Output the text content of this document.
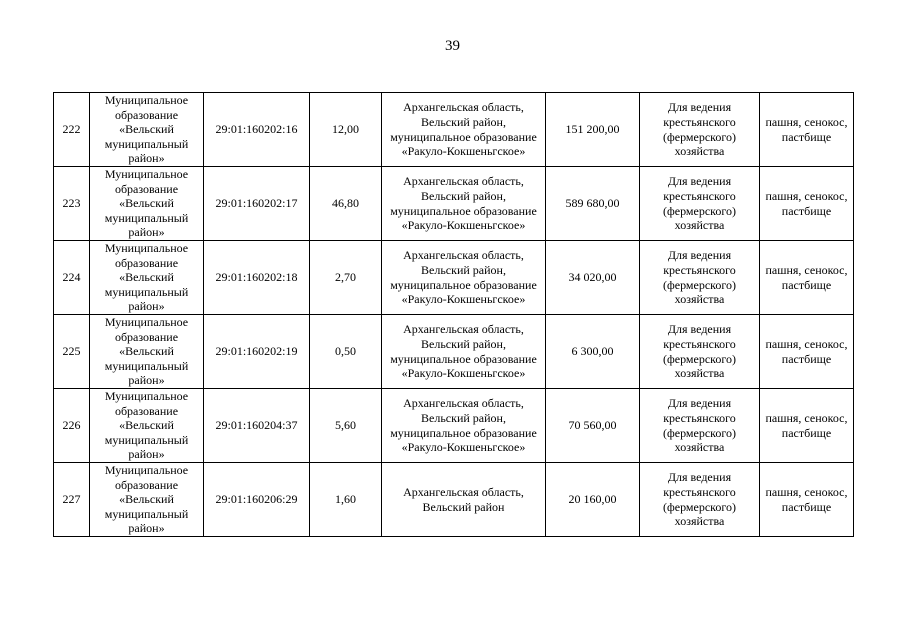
39
222	Муниципальное образование «Вельский муниципальный район»	29:01:160202:16	12,00	Архангельская область, Вельский район, муниципальное образование «Ракуло-Кокшеньгское»	151 200,00	Для ведения крестьянского (фермерского) хозяйства	пашня, сенокос, пастбище
223	Муниципальное образование «Вельский муниципальный район»	29:01:160202:17	46,80	Архангельская область, Вельский район, муниципальное образование «Ракуло-Кокшеньгское»	589 680,00	Для ведения крестьянского (фермерского) хозяйства	пашня, сенокос, пастбище
224	Муниципальное образование «Вельский муниципальный район»	29:01:160202:18	2,70	Архангельская область, Вельский район, муниципальное образование «Ракуло-Кокшеньгское»	34 020,00	Для ведения крестьянского (фермерского) хозяйства	пашня, сенокос, пастбище
225	Муниципальное образование «Вельский муниципальный район»	29:01:160202:19	0,50	Архангельская область, Вельский район, муниципальное образование «Ракуло-Кокшеньгское»	6 300,00	Для ведения крестьянского (фермерского) хозяйства	пашня, сенокос, пастбище
226	Муниципальное образование «Вельский муниципальный район»	29:01:160204:37	5,60	Архангельская область, Вельский район, муниципальное образование «Ракуло-Кокшеньгское»	70 560,00	Для ведения крестьянского (фермерского) хозяйства	пашня, сенокос, пастбище
227	Муниципальное образование «Вельский муниципальный район»	29:01:160206:29	1,60	Архангельская область, Вельский район	20 160,00	Для ведения крестьянского (фермерского) хозяйства	пашня, сенокос, пастбище
